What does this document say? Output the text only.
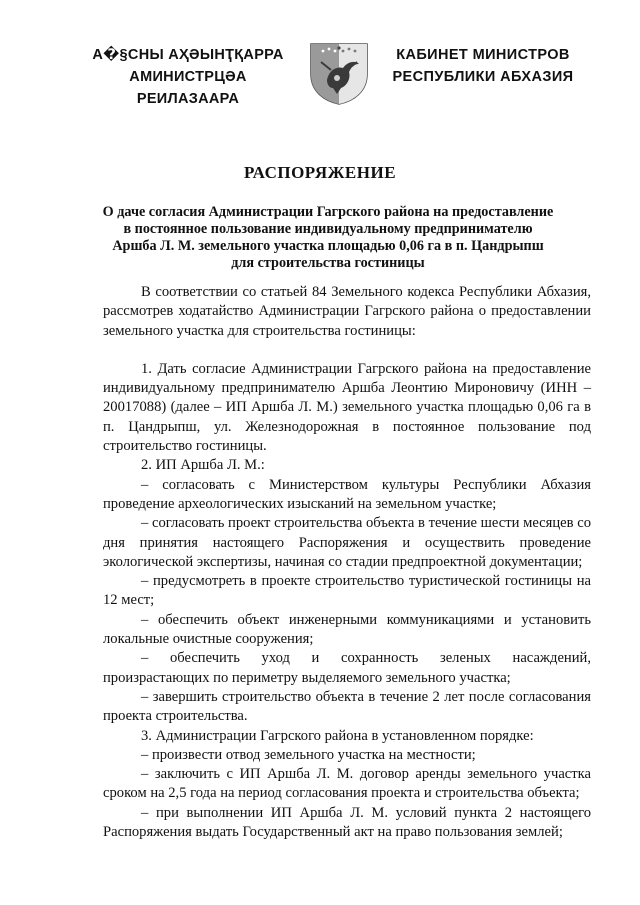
А�§СНЫ АҲӘЫНҬҚАРРА
АМИНИСТРЦӘА РЕИЛАЗААРА
КАБИНЕТ МИНИСТРОВ
РЕСПУБЛИКИ АБХАЗИЯ
РАСПОРЯЖЕНИЕ
О даче согласия Администрации Гагрского района на предоставление
в постоянное пользование индивидуальному предпринимателю
Аршба Л. М. земельного участка площадью 0,06 га в п. Цандрыпш
для строительства гостиницы

В соответствии со статьей 84 Земельного кодекса Республики Абхазия, рассмотрев ходатайство Администрации Гагрского района о предоставлении земельного участка для строительства гостиницы:

1. Дать согласие Администрации Гагрского района на предоставление индивидуальному предпринимателю Аршба Леонтию Мироновичу (ИНН – 20017088) (далее – ИП Аршба Л. М.) земельного участка площадью 0,06 га в п. Цандрыпш, ул. Железнодорожная в постоянное пользование под строительство гостиницы.

2. ИП Аршба Л. М.:

– согласовать с Министерством культуры Республики Абхазия проведение археологических изысканий на земельном участке;

– согласовать проект строительства объекта в течение шести месяцев со дня принятия настоящего Распоряжения и осуществить проведение экологической экспертизы, начиная со стадии предпроектной документации;

– предусмотреть в проекте строительство туристической гостиницы на 12 мест;

– обеспечить объект инженерными коммуникациями и установить локальные очистные сооружения;

– обеспечить уход и сохранность зеленых насаждений, произрастающих по периметру выделяемого земельного участка;

– завершить строительство объекта в течение 2 лет после согласования проекта строительства.

3. Администрации Гагрского района в установленном порядке:

– произвести отвод земельного участка на местности;

– заключить с ИП Аршба Л. М. договор аренды земельного участка сроком на 2,5 года на период согласования проекта и строительства объекта;

– при выполнении ИП Аршба Л. М. условий пункта 2 настоящего Распоряжения выдать Государственный акт на право пользования землей;
